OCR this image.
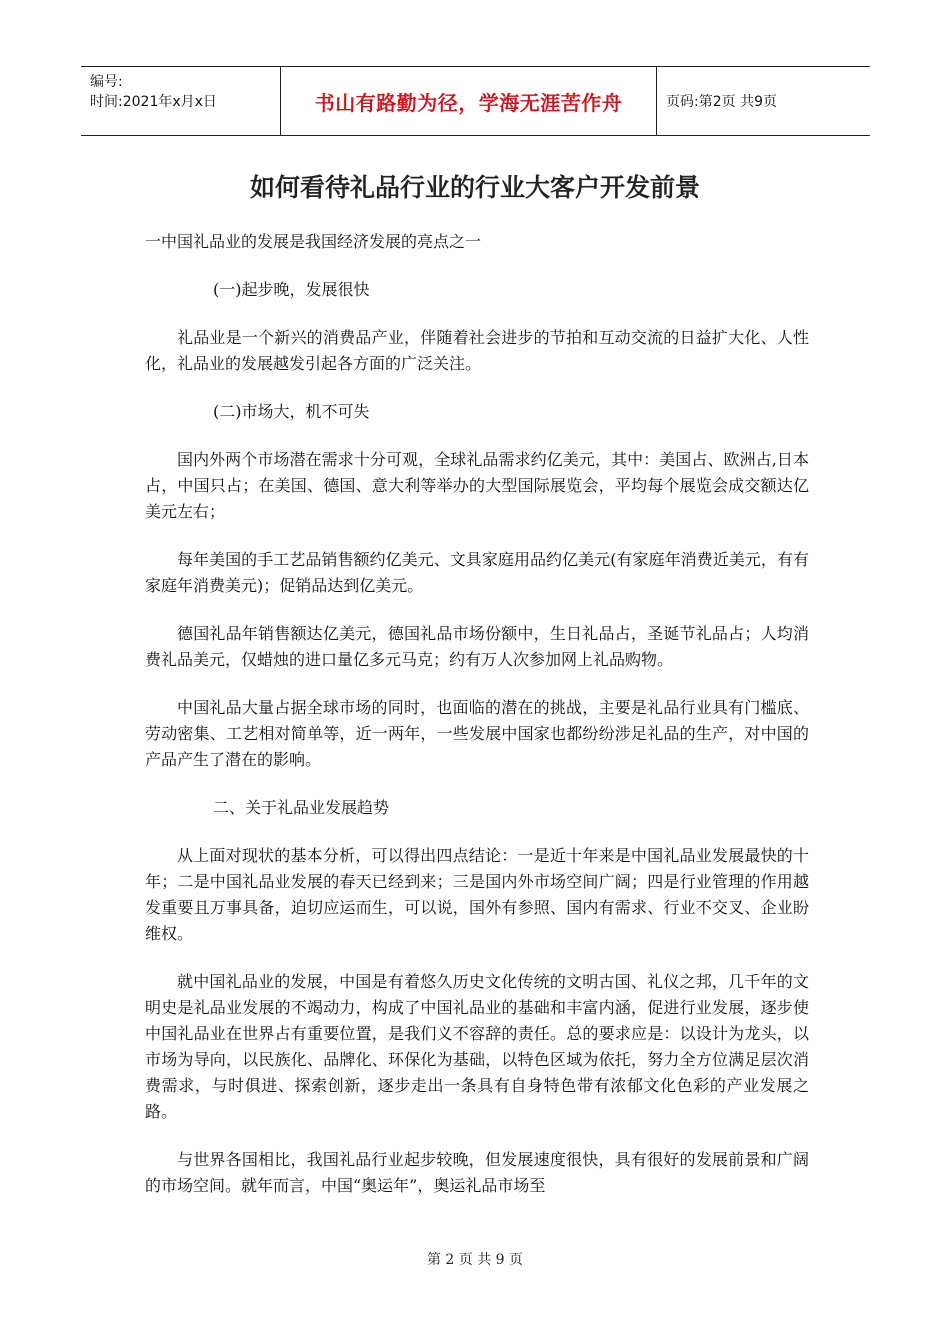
编号:
时间:2021年x月x日	书山有路勤为径，学海无涯苦作舟	页码:第2页 共9页
如何看待礼品行业的行业大客户开发前景

一中国礼品业的发展是我国经济发展的亮点之一

(一)起步晚，发展很快

礼品业是一个新兴的消费品产业，伴随着社会进步的节拍和互动交流的日益扩大化、人性化，礼品业的发展越发引起各方面的广泛关注。

(二)市场大，机不可失

国内外两个市场潜在需求十分可观，全球礼品需求约亿美元，其中：美国占、欧洲占,日本占，中国只占；在美国、德国、意大利等举办的大型国际展览会，平均每个展览会成交额达亿美元左右；

每年美国的手工艺品销售额约亿美元、文具家庭用品约亿美元(有家庭年消费近美元，有有家庭年消费美元)；促销品达到亿美元。

德国礼品年销售额达亿美元，德国礼品市场份额中，生日礼品占，圣诞节礼品占；人均消费礼品美元，仅蜡烛的进口量亿多元马克；约有万人次参加网上礼品购物。

中国礼品大量占据全球市场的同时，也面临的潜在的挑战，主要是礼品行业具有门槛底、劳动密集、工艺相对简单等，近一两年，一些发展中国家也都纷纷涉足礼品的生产，对中国的产品产生了潜在的影响。

二、关于礼品业发展趋势

从上面对现状的基本分析，可以得出四点结论：一是近十年来是中国礼品业发展最快的十年；二是中国礼品业发展的春天已经到来；三是国内外市场空间广阔；四是行业管理的作用越发重要且万事具备，迫切应运而生，可以说，国外有参照、国内有需求、行业不交叉、企业盼维权。

就中国礼品业的发展，中国是有着悠久历史文化传统的文明古国、礼仪之邦，几千年的文明史是礼品业发展的不竭动力，构成了中国礼品业的基础和丰富内涵，促进行业发展，逐步使中国礼品业在世界占有重要位置，是我们义不容辞的责任。总的要求应是：以设计为龙头，以市场为导向，以民族化、品牌化、环保化为基础，以特色区域为依托，努力全方位满足层次消费需求，与时俱进、探索创新，逐步走出一条具有自身特色带有浓郁文化色彩的产业发展之路。

与世界各国相比，我国礼品行业起步较晚，但发展速度很快，具有很好的发展前景和广阔的市场空间。就年而言，中国“奥运年”，奥运礼品市场至

第 2 页 共 9 页
